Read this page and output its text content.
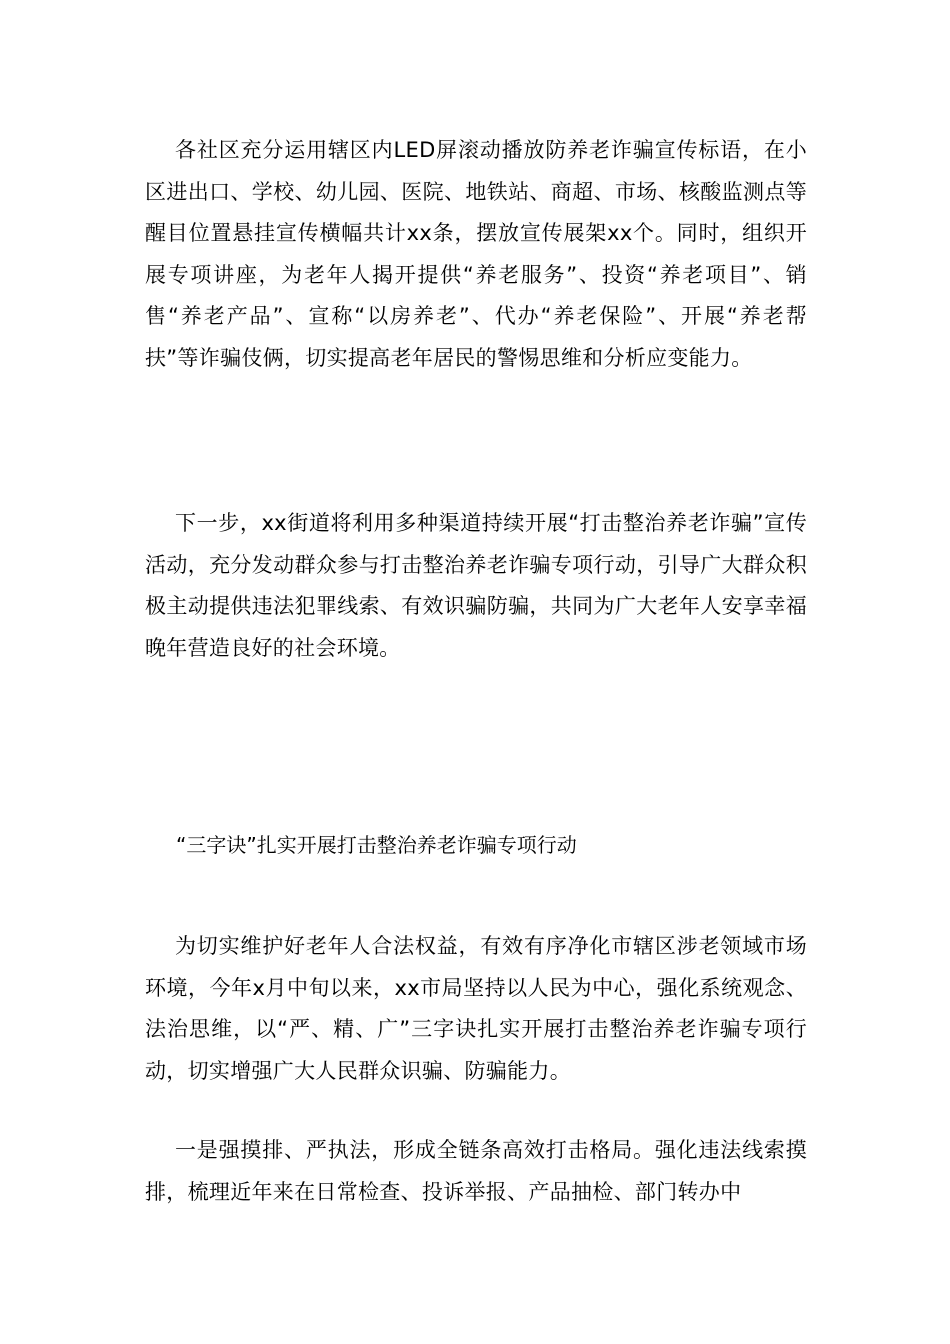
各社区充分运用辖区内LED屏滚动播放防养老诈骗宣传标语，在小区进出口、学校、幼儿园、医院、地铁站、商超、市场、核酸监测点等醒目位置悬挂宣传横幅共计xx条，摆放宣传展架xx个。同时，组织开展专项讲座，为老年人揭开提供“养老服务”、投资“养老项目”、销售“养老产品”、宣称“以房养老”、代办“养老保险”、开展“养老帮扶”等诈骗伎俩，切实提高老年居民的警惕思维和分析应变能力。

下一步，xx街道将利用多种渠道持续开展“打击整治养老诈骗”宣传活动，充分发动群众参与打击整治养老诈骗专项行动，引导广大群众积极主动提供违法犯罪线索、有效识骗防骗，共同为广大老年人安享幸福晚年营造良好的社会环境。

“三字诀”扎实开展打击整治养老诈骗专项行动

为切实维护好老年人合法权益，有效有序净化市辖区涉老领域市场环境，今年x月中旬以来，xx市局坚持以人民为中心，强化系统观念、法治思维，以“严、精、广”三字诀扎实开展打击整治养老诈骗专项行动，切实增强广大人民群众识骗、防骗能力。

一是强摸排、严执法，形成全链条高效打击格局。强化违法线索摸排，梳理近年来在日常检查、投诉举报、产品抽检、部门转办中
